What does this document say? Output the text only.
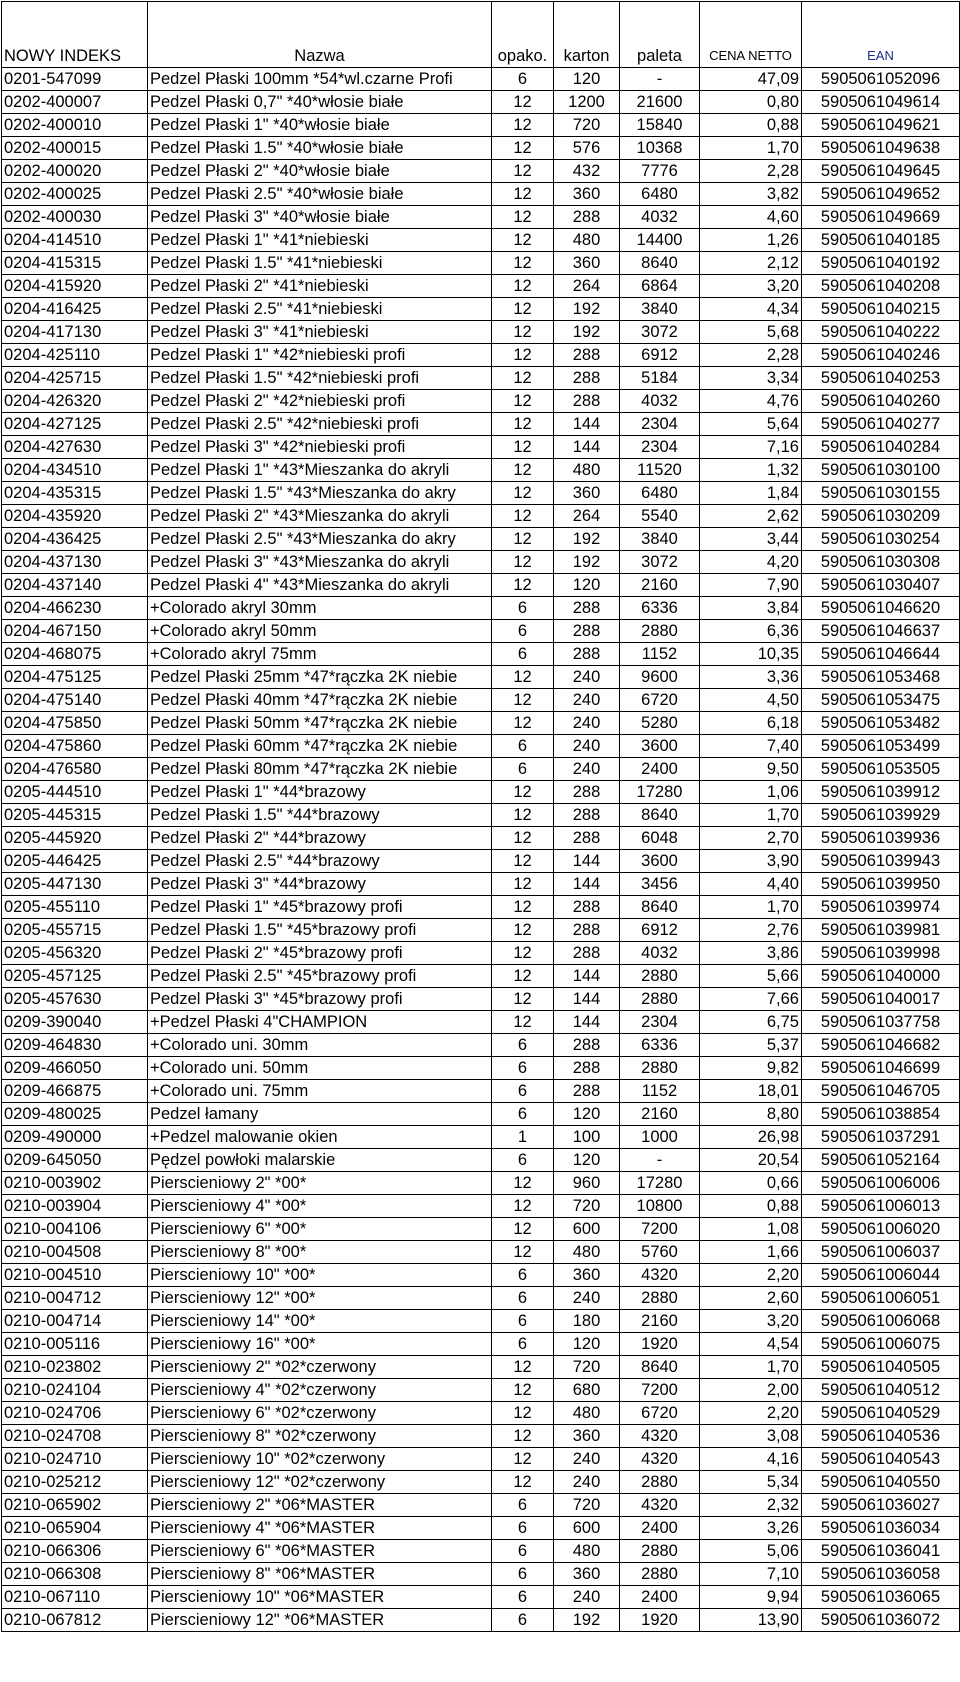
NOWY INDEKS	Nazwa	opako.	karton	paleta	CENA NETTO	EAN
0201-547099	Pedzel Płaski 100mm *54*wl.czarne Profi	6	120	-	47,09	5905061052096
0202-400007	Pedzel Płaski 0,7" *40*włosie białe	12	1200	21600	0,80	5905061049614
0202-400010	Pedzel Płaski 1" *40*włosie białe	12	720	15840	0,88	5905061049621
0202-400015	Pedzel Płaski 1.5" *40*włosie białe	12	576	10368	1,70	5905061049638
0202-400020	Pedzel Płaski 2" *40*włosie białe	12	432	7776	2,28	5905061049645
0202-400025	Pedzel Płaski 2.5" *40*włosie białe	12	360	6480	3,82	5905061049652
0202-400030	Pedzel Płaski 3" *40*włosie białe	12	288	4032	4,60	5905061049669
0204-414510	Pedzel Płaski 1" *41*niebieski	12	480	14400	1,26	5905061040185
0204-415315	Pedzel Płaski 1.5" *41*niebieski	12	360	8640	2,12	5905061040192
0204-415920	Pedzel Płaski 2" *41*niebieski	12	264	6864	3,20	5905061040208
0204-416425	Pedzel Płaski 2.5" *41*niebieski	12	192	3840	4,34	5905061040215
0204-417130	Pedzel Płaski 3" *41*niebieski	12	192	3072	5,68	5905061040222
0204-425110	Pedzel Płaski 1" *42*niebieski profi	12	288	6912	2,28	5905061040246
0204-425715	Pedzel Płaski 1.5" *42*niebieski profi	12	288	5184	3,34	5905061040253
0204-426320	Pedzel Płaski 2" *42*niebieski profi	12	288	4032	4,76	5905061040260
0204-427125	Pedzel Płaski 2.5" *42*niebieski profi	12	144	2304	5,64	5905061040277
0204-427630	Pedzel Płaski 3" *42*niebieski profi	12	144	2304	7,16	5905061040284
0204-434510	Pedzel Płaski 1" *43*Mieszanka do akryli	12	480	11520	1,32	5905061030100
0204-435315	Pedzel Płaski 1.5" *43*Mieszanka do akry	12	360	6480	1,84	5905061030155
0204-435920	Pedzel Płaski 2" *43*Mieszanka do akryli	12	264	5540	2,62	5905061030209
0204-436425	Pedzel Płaski 2.5" *43*Mieszanka do akry	12	192	3840	3,44	5905061030254
0204-437130	Pedzel Płaski 3" *43*Mieszanka do akryli	12	192	3072	4,20	5905061030308
0204-437140	Pedzel Płaski 4" *43*Mieszanka do akryli	12	120	2160	7,90	5905061030407
0204-466230	+Colorado akryl 30mm	6	288	6336	3,84	5905061046620
0204-467150	+Colorado akryl 50mm	6	288	2880	6,36	5905061046637
0204-468075	+Colorado akryl 75mm	6	288	1152	10,35	5905061046644
0204-475125	Pedzel Płaski 25mm *47*rączka 2K niebie	12	240	9600	3,36	5905061053468
0204-475140	Pedzel Płaski 40mm *47*rączka 2K niebie	12	240	6720	4,50	5905061053475
0204-475850	Pedzel Płaski 50mm *47*rączka 2K niebie	12	240	5280	6,18	5905061053482
0204-475860	Pedzel Płaski 60mm *47*rączka 2K niebie	6	240	3600	7,40	5905061053499
0204-476580	Pedzel Płaski 80mm *47*rączka 2K niebie	6	240	2400	9,50	5905061053505
0205-444510	Pedzel Płaski 1" *44*brazowy	12	288	17280	1,06	5905061039912
0205-445315	Pedzel Płaski 1.5" *44*brazowy	12	288	8640	1,70	5905061039929
0205-445920	Pedzel Płaski 2" *44*brazowy	12	288	6048	2,70	5905061039936
0205-446425	Pedzel Płaski 2.5" *44*brazowy	12	144	3600	3,90	5905061039943
0205-447130	Pedzel Płaski 3" *44*brazowy	12	144	3456	4,40	5905061039950
0205-455110	Pedzel Płaski 1" *45*brazowy profi	12	288	8640	1,70	5905061039974
0205-455715	Pedzel Płaski 1.5" *45*brazowy profi	12	288	6912	2,76	5905061039981
0205-456320	Pedzel Płaski 2" *45*brazowy profi	12	288	4032	3,86	5905061039998
0205-457125	Pedzel Płaski 2.5" *45*brazowy profi	12	144	2880	5,66	5905061040000
0205-457630	Pedzel Płaski 3" *45*brazowy profi	12	144	2880	7,66	5905061040017
0209-390040	+Pedzel Płaski 4"CHAMPION	12	144	2304	6,75	5905061037758
0209-464830	+Colorado uni. 30mm	6	288	6336	5,37	5905061046682
0209-466050	+Colorado uni. 50mm	6	288	2880	9,82	5905061046699
0209-466875	+Colorado uni. 75mm	6	288	1152	18,01	5905061046705
0209-480025	Pedzel łamany	6	120	2160	8,80	5905061038854
0209-490000	+Pedzel malowanie okien	1	100	1000	26,98	5905061037291
0209-645050	Pędzel powłoki malarskie	6	120	-	20,54	5905061052164
0210-003902	Pierscieniowy 2" *00*	12	960	17280	0,66	5905061006006
0210-003904	Pierscieniowy 4" *00*	12	720	10800	0,88	5905061006013
0210-004106	Pierscieniowy 6" *00*	12	600	7200	1,08	5905061006020
0210-004508	Pierscieniowy 8" *00*	12	480	5760	1,66	5905061006037
0210-004510	Pierscieniowy 10" *00*	6	360	4320	2,20	5905061006044
0210-004712	Pierscieniowy 12" *00*	6	240	2880	2,60	5905061006051
0210-004714	Pierscieniowy 14" *00*	6	180	2160	3,20	5905061006068
0210-005116	Pierscieniowy 16" *00*	6	120	1920	4,54	5905061006075
0210-023802	Pierscieniowy 2" *02*czerwony	12	720	8640	1,70	5905061040505
0210-024104	Pierscieniowy 4" *02*czerwony	12	680	7200	2,00	5905061040512
0210-024706	Pierscieniowy 6" *02*czerwony	12	480	6720	2,20	5905061040529
0210-024708	Pierscieniowy 8" *02*czerwony	12	360	4320	3,08	5905061040536
0210-024710	Pierscieniowy 10" *02*czerwony	12	240	4320	4,16	5905061040543
0210-025212	Pierscieniowy 12" *02*czerwony	12	240	2880	5,34	5905061040550
0210-065902	Pierscieniowy 2" *06*MASTER	6	720	4320	2,32	5905061036027
0210-065904	Pierscieniowy 4" *06*MASTER	6	600	2400	3,26	5905061036034
0210-066306	Pierscieniowy 6" *06*MASTER	6	480	2880	5,06	5905061036041
0210-066308	Pierscieniowy 8" *06*MASTER	6	360	2880	7,10	5905061036058
0210-067110	Pierscieniowy 10" *06*MASTER	6	240	2400	9,94	5905061036065
0210-067812	Pierscieniowy 12" *06*MASTER	6	192	1920	13,90	5905061036072
